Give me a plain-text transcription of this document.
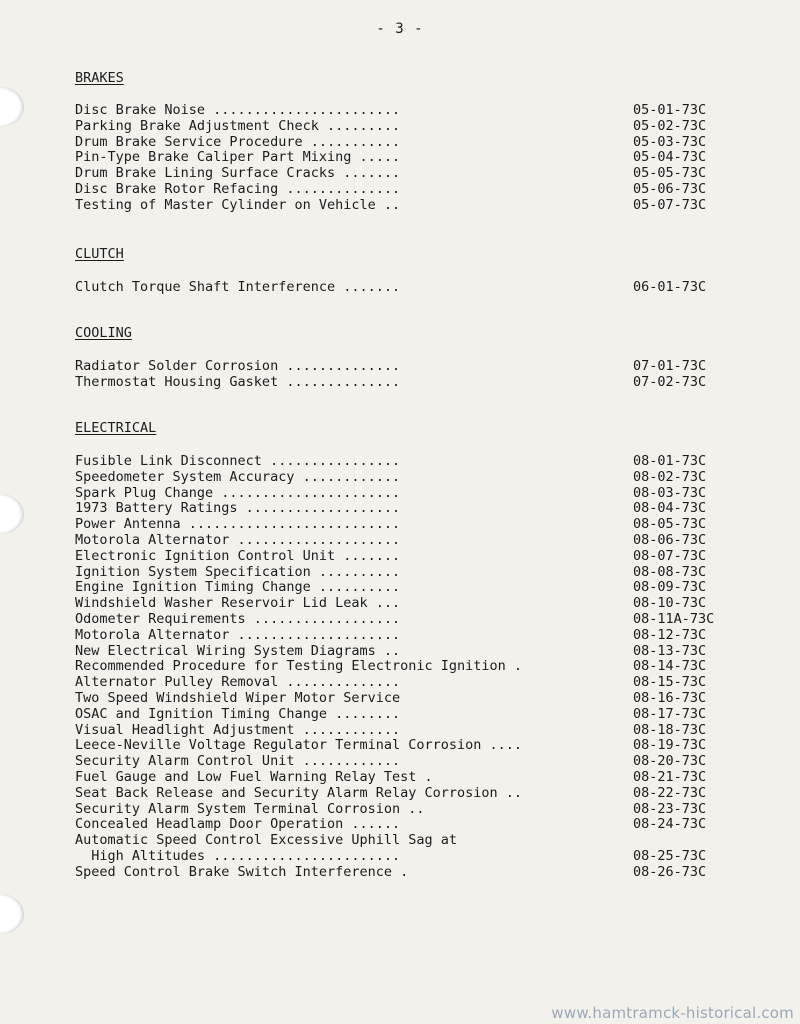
- 3 -
BRAKES
Disc Brake Noise .......................	05-01-73C
Parking Brake Adjustment Check .........	05-02-73C
Drum Brake Service Procedure ...........	05-03-73C
Pin-Type Brake Caliper Part Mixing .....	05-04-73C
Drum Brake Lining Surface Cracks .......	05-05-73C
Disc Brake Rotor Refacing ..............	05-06-73C
Testing of Master Cylinder on Vehicle ..	05-07-73C
CLUTCH
Clutch Torque Shaft Interference .......	06-01-73C
COOLING
Radiator Solder Corrosion ..............	07-01-73C
Thermostat Housing Gasket ..............	07-02-73C
ELECTRICAL
Fusible Link Disconnect ................	08-01-73C
Speedometer System Accuracy ............	08-02-73C
Spark Plug Change ......................	08-03-73C
1973 Battery Ratings ...................	08-04-73C
Power Antenna ..........................	08-05-73C
Motorola Alternator ....................	08-06-73C
Electronic Ignition Control Unit .......	08-07-73C
Ignition System Specification ..........	08-08-73C
Engine Ignition Timing Change ..........	08-09-73C
Windshield Washer Reservoir Lid Leak ...	08-10-73C
Odometer Requirements ..................	08-11A-73C
Motorola Alternator ....................	08-12-73C
New Electrical Wiring System Diagrams ..	08-13-73C
Recommended Procedure for Testing Electronic Ignition .	08-14-73C
Alternator Pulley Removal ..............	08-15-73C
Two Speed Windshield Wiper Motor Service	08-16-73C
OSAC and Ignition Timing Change ........	08-17-73C
Visual Headlight Adjustment ............	08-18-73C
Leece-Neville Voltage Regulator Terminal Corrosion ....	08-19-73C
Security Alarm Control Unit ............	08-20-73C
Fuel Gauge and Low Fuel Warning Relay Test .	08-21-73C
Seat Back Release and Security Alarm Relay Corrosion ..	08-22-73C
Security Alarm System Terminal Corrosion ..	08-23-73C
Concealed Headlamp Door Operation ......	08-24-73C
Automatic Speed Control Excessive Uphill Sag at
High Altitudes .......................	08-25-73C
Speed Control Brake Switch Interference .	08-26-73C
www.hamtramck-historical.com
